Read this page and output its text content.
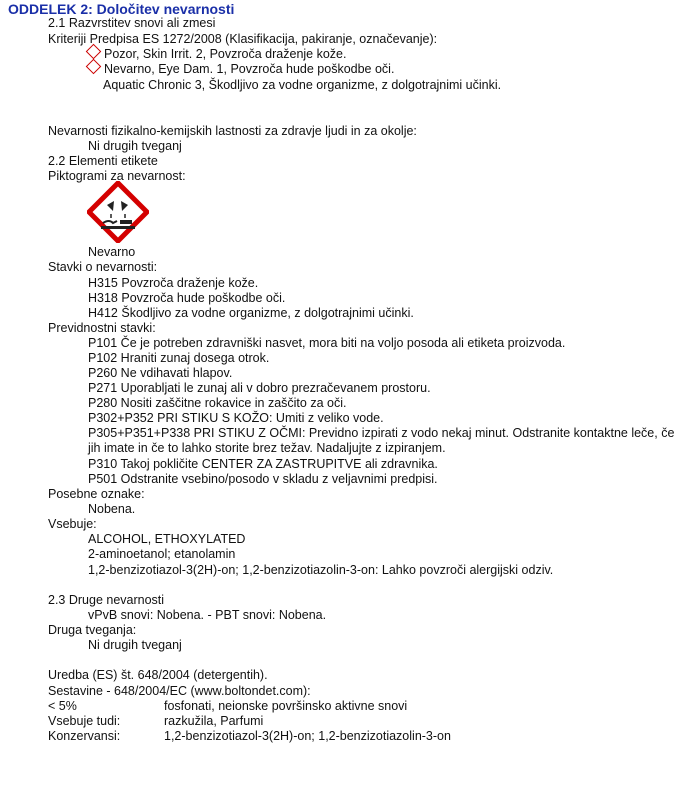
ODDELEK 2: Določitev nevarnosti
2.1 Razvrstitev snovi ali zmesi
Kriteriji Predpisa ES 1272/2008 (Klasifikacija, pakiranje, označevanje):
Pozor, Skin Irrit. 2, Povzroča draženje kože.
Nevarno, Eye Dam. 1, Povzroča hude poškodbe oči.
Aquatic Chronic 3, Škodljivo za vodne organizme, z dolgotrajnimi učinki.
Nevarnosti fizikalno-kemijskih lastnosti za zdravje ljudi in za okolje:
Ni drugih tveganj
2.2 Elementi etikete
Piktogrami za nevarnost:
Nevarno
Stavki o nevarnosti:
H315 Povzroča draženje kože.
H318 Povzroča hude poškodbe oči.
H412 Škodljivo za vodne organizme, z dolgotrajnimi učinki.
Previdnostni stavki:
P101 Če je potreben zdravniški nasvet, mora biti na voljo posoda ali etiketa proizvoda.
P102 Hraniti zunaj dosega otrok.
P260 Ne vdihavati hlapov.
P271 Uporabljati le zunaj ali v dobro prezračevanem prostoru.
P280 Nositi zaščitne rokavice in zaščito za oči.
P302+P352 PRI STIKU S KOŽO: Umiti z veliko vode.
P305+P351+P338 PRI STIKU Z OČMI: Previdno izpirati z vodo nekaj minut. Odstranite kontaktne leče, če jih imate in če to lahko storite brez težav. Nadaljujte z izpiranjem.
P310 Takoj pokličite CENTER ZA ZASTRUPITVE ali zdravnika.
P501 Odstranite vsebino/posodo v skladu z veljavnimi predpisi.
Posebne oznake:
Nobena.
Vsebuje:
ALCOHOL, ETHOXYLATED
2-aminoetanol; etanolamin
1,2-benzizotiazol-3(2H)-on; 1,2-benzizotiazolin-3-on: Lahko povzroči alergijski odziv.
2.3 Druge nevarnosti
vPvB snovi: Nobena. - PBT snovi: Nobena.
Druga tveganja:
Ni drugih tveganj
Uredba (ES) št. 648/2004 (detergentih).
Sestavine - 648/2004/EC (www.boltondet.com):
< 5%	fosfonati, neionske površinsko aktivne snovi
Vsebuje tudi:	razkužila, Parfumi
Konzervansi:	1,2-benzizotiazol-3(2H)-on; 1,2-benzizotiazolin-3-on
